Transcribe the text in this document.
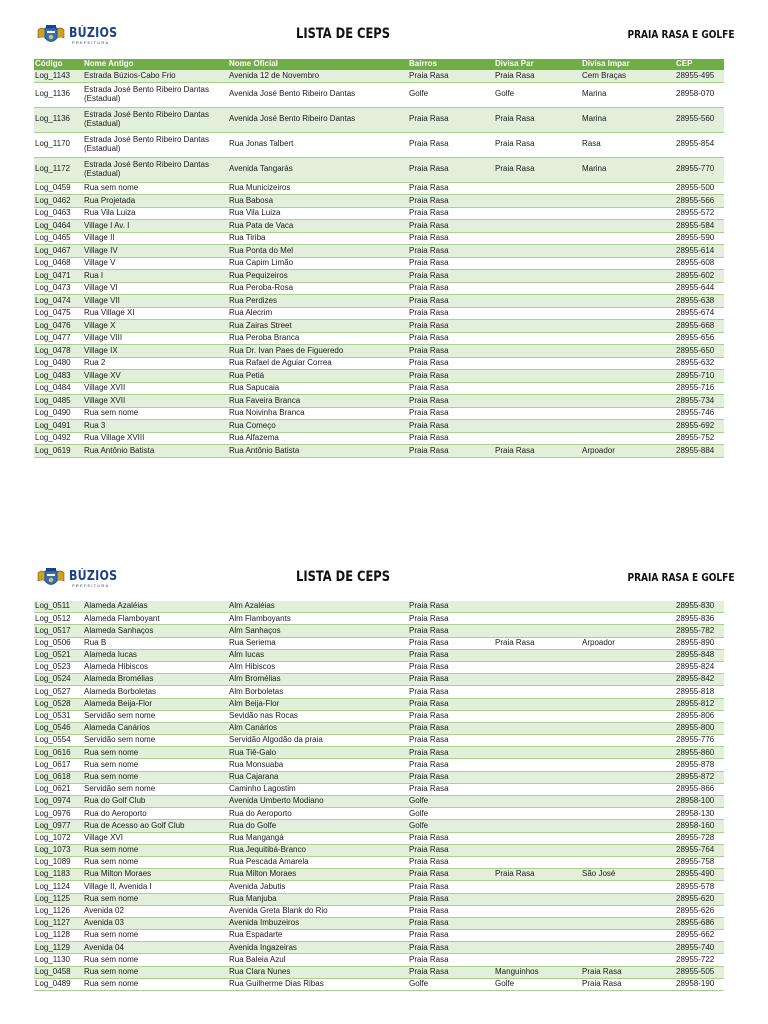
BÚZIOS
PREFEITURA
LISTA DE CEPS	PRAIA RASA E GOLFE
Código	Nome Antigo	Nome Oficial	Bairros	Divisa Par	Divisa Impar	CEP
Log_1143	Estrada Búzios-Cabo Frio	Avenida 12 de Novembro	Praia Rasa	Praia Rasa	Cem Braças	28955-495
Log_1136	Estrada José Bento Ribeiro Dantas (Estadual)	Avenida José Bento Ribeiro Dantas	Golfe	Golfe	Marina	28958-070
Log_1136	Estrada José Bento Ribeiro Dantas (Estadual)	Avenida José Bento Ribeiro Dantas	Praia Rasa	Praia Rasa	Marina	28955-560
Log_1170	Estrada José Bento Ribeiro Dantas (Estadual)	Rua Jonas Talbert	Praia Rasa	Praia Rasa	Rasa	28955-854
Log_1172	Estrada José Bento Ribeiro Dantas (Estadual)	Avenida Tangarás	Praia Rasa	Praia Rasa	Marina	28955-770
Log_0459	Rua sem nome	Rua Municizeiros	Praia Rasa			28955-500
Log_0462	Rua Projetada	Rua Babosa	Praia Rasa			28955-566
Log_0463	Rua Vila Luiza	Rua Vila Luiza	Praia Rasa			28955-572
Log_0464	Village I Av. I	Rua Pata de Vaca	Praia Rasa			28955-584
Log_0465	Village II	Rua Tiriba	Praia Rasa			28955-590
Log_0467	Village IV	Rua Ponta do Mel	Praia Rasa			28955-614
Log_0468	Village V	Rua Capim Limão	Praia Rasa			28955-608
Log_0471	Rua I	Rua Pequizeiros	Praia Rasa			28955-602
Log_0473	Village VI	Rua Peroba-Rosa	Praia Rasa			28955-644
Log_0474	Village VII	Rua Perdizes	Praia Rasa			28955-638
Log_0475	Rua Village XI	Rua Alecrim	Praia Rasa			28955-674
Log_0476	Village X	Rua Zairas Street	Praia Rasa			28955-668
Log_0477	Village VIII	Rua Peroba Branca	Praia Rasa			28955-656
Log_0478	Village IX	Rua Dr. Ivan Paes de Figueredo	Praia Rasa			28955-650
Log_0480	Rua 2	Rua Rafael de Aguiar Correa	Praia Rasa			28955-632
Log_0483	Village XV	Rua Petiá	Praia Rasa			28955-710
Log_0484	Village XVII	Rua Sapucaia	Praia Rasa			28955-716
Log_0485	Village XVII	Rua Faveira Branca	Praia Rasa			28955-734
Log_0490	Rua sem nome	Rua Noivinha Branca	Praia Rasa			28955-746
Log_0491	Rua 3	Rua Começo	Praia Rasa			28955-692
Log_0492	Rua Village XVIII	Rua Alfazema	Praia Rasa			28955-752
Log_0619	Rua Antônio Batista	Rua Antônio Batista	Praia Rasa	Praia Rasa	Arpoador	28955-884
BÚZIOS
PREFEITURA
LISTA DE CEPS	PRAIA RASA E GOLFE
Log_0511	Alameda Azaléias	Alm Azaléias	Praia Rasa			28955-830
Log_0512	Alameda Flamboyant	Alm Flamboyants	Praia Rasa			28955-836
Log_0517	Alameda Sanhaços	Alm Sanhaços	Praia Rasa			28955-782
Log_0506	Rua B	Rua Seriema	Praia Rasa	Praia Rasa	Arpoador	28955-890
Log_0521	Alameda Iucas	Alm Iucas	Praia Rasa			28955-848
Log_0523	Alameda Hibiscos	Alm Hibiscos	Praia Rasa			28955-824
Log_0524	Alameda Bromélias	Alm Bromélias	Praia Rasa			28955-842
Log_0527	Alameda Borboletas	Alm Borboletas	Praia Rasa			28955-818
Log_0528	Alameda Beija-Flor	Alm Beija-Flor	Praia Rasa			28955-812
Log_0531	Servidão sem nome	Sevidão nas Rocas	Praia Rasa			28955-806
Log_0546	Alameda Canários	Alm Canários	Praia Rasa			28955-800
Log_0554	Servidão sem nome	Servidão Algodão da praia	Praia Rasa			28955-776
Log_0616	Rua sem nome	Rua Tiê-Galo	Praia Rasa			28955-860
Log_0617	Rua sem nome	Rua Monsuaba	Praia Rasa			28955-878
Log_0618	Rua sem nome	Rua Cajarana	Praia Rasa			28955-872
Log_0621	Servidão sem nome	Caminho Lagostim	Praia Rasa			28955-866
Log_0974	Rua do Golf Club	Avenida Umberto Modiano	Golfe			28958-100
Log_0976	Rua do Aeroporto	Rua do Aeroporto	Golfe			28958-130
Log_0977	Rua de Acesso ao Golf Club	Rua do Golfe	Golfe			28958-160
Log_1072	Village XVI	Rua Mangangá	Praia Rasa			28955-728
Log_1073	Rua sem nome	Rua Jequitibá-Branco	Praia Rasa			28955-764
Log_1089	Rua sem nome	Rua Pescada Amarela	Praia Rasa			28955-758
Log_1183	Rua Milton Moraes	Rua Milton Moraes	Praia Rasa	Praia Rasa	São José	28955-490
Log_1124	Village II, Avenida I	Avenida Jabutis	Praia Rasa			28955-578
Log_1125	Rua sem nome	Rua Manjuba	Praia Rasa			28955-620
Log_1126	Avenida 02	Avenida Greta Blank do Rio	Praia Rasa			28955-626
Log_1127	Avenida 03	Avenida Imbuzeiros	Praia Rasa			28955-686
Log_1128	Rua sem nome	Rua Espadarte	Praia Rasa			28955-662
Log_1129	Avenida 04	Avenida Ingazeiras	Praia Rasa			28955-740
Log_1130	Rua sem nome	Rua Baleia Azul	Praia Rasa			28955-722
Log_0458	Rua sem nome	Rua Clara Nunes	Praia Rasa	Manguinhos	Praia Rasa	28955-505
Log_0489	Rua sem nome	Rua Guilherme Dias Ribas	Golfe	Golfe	Praia Rasa	28958-190
